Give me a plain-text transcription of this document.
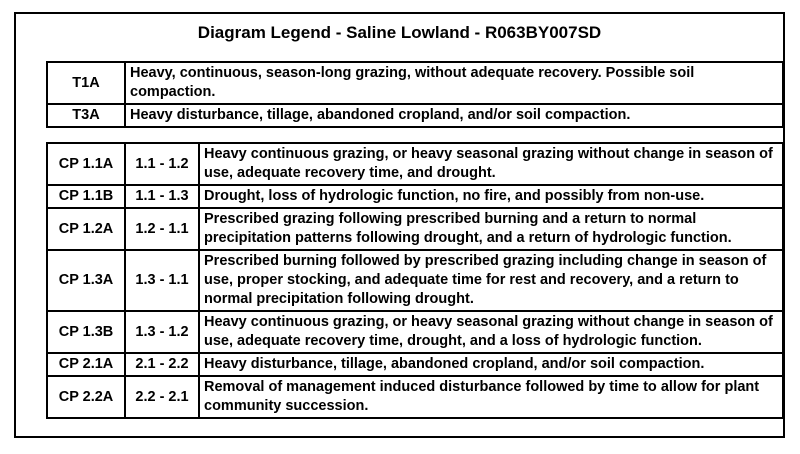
Diagram Legend - Saline Lowland - R063BY007SD
T1A	Heavy, continuous, season-long grazing, without adequate recovery. Possible soil compaction.
T3A	Heavy disturbance, tillage, abandoned cropland, and/or soil compaction.
CP 1.1A	1.1 - 1.2	Heavy continuous grazing, or heavy seasonal grazing without change in season of use, adequate recovery time, and drought.
CP 1.1B	1.1 - 1.3	Drought, loss of hydrologic function, no fire, and possibly from non-use.
CP 1.2A	1.2 - 1.1	Prescribed grazing following prescribed burning and a return to normal precipitation patterns following drought, and a return of hydrologic function.
CP 1.3A	1.3 - 1.1	Prescribed burning followed by prescribed grazing including change in season of use, proper stocking, and adequate time for rest and recovery, and a return to normal precipitation following drought.
CP 1.3B	1.3 - 1.2	Heavy continuous grazing, or heavy seasonal grazing without change in season of use, adequate recovery time, drought, and a loss of hydrologic function.
CP 2.1A	2.1 - 2.2	Heavy disturbance, tillage, abandoned cropland, and/or soil compaction.
CP 2.2A	2.2 - 2.1	Removal of management induced disturbance followed by time to allow for plant community succession.
